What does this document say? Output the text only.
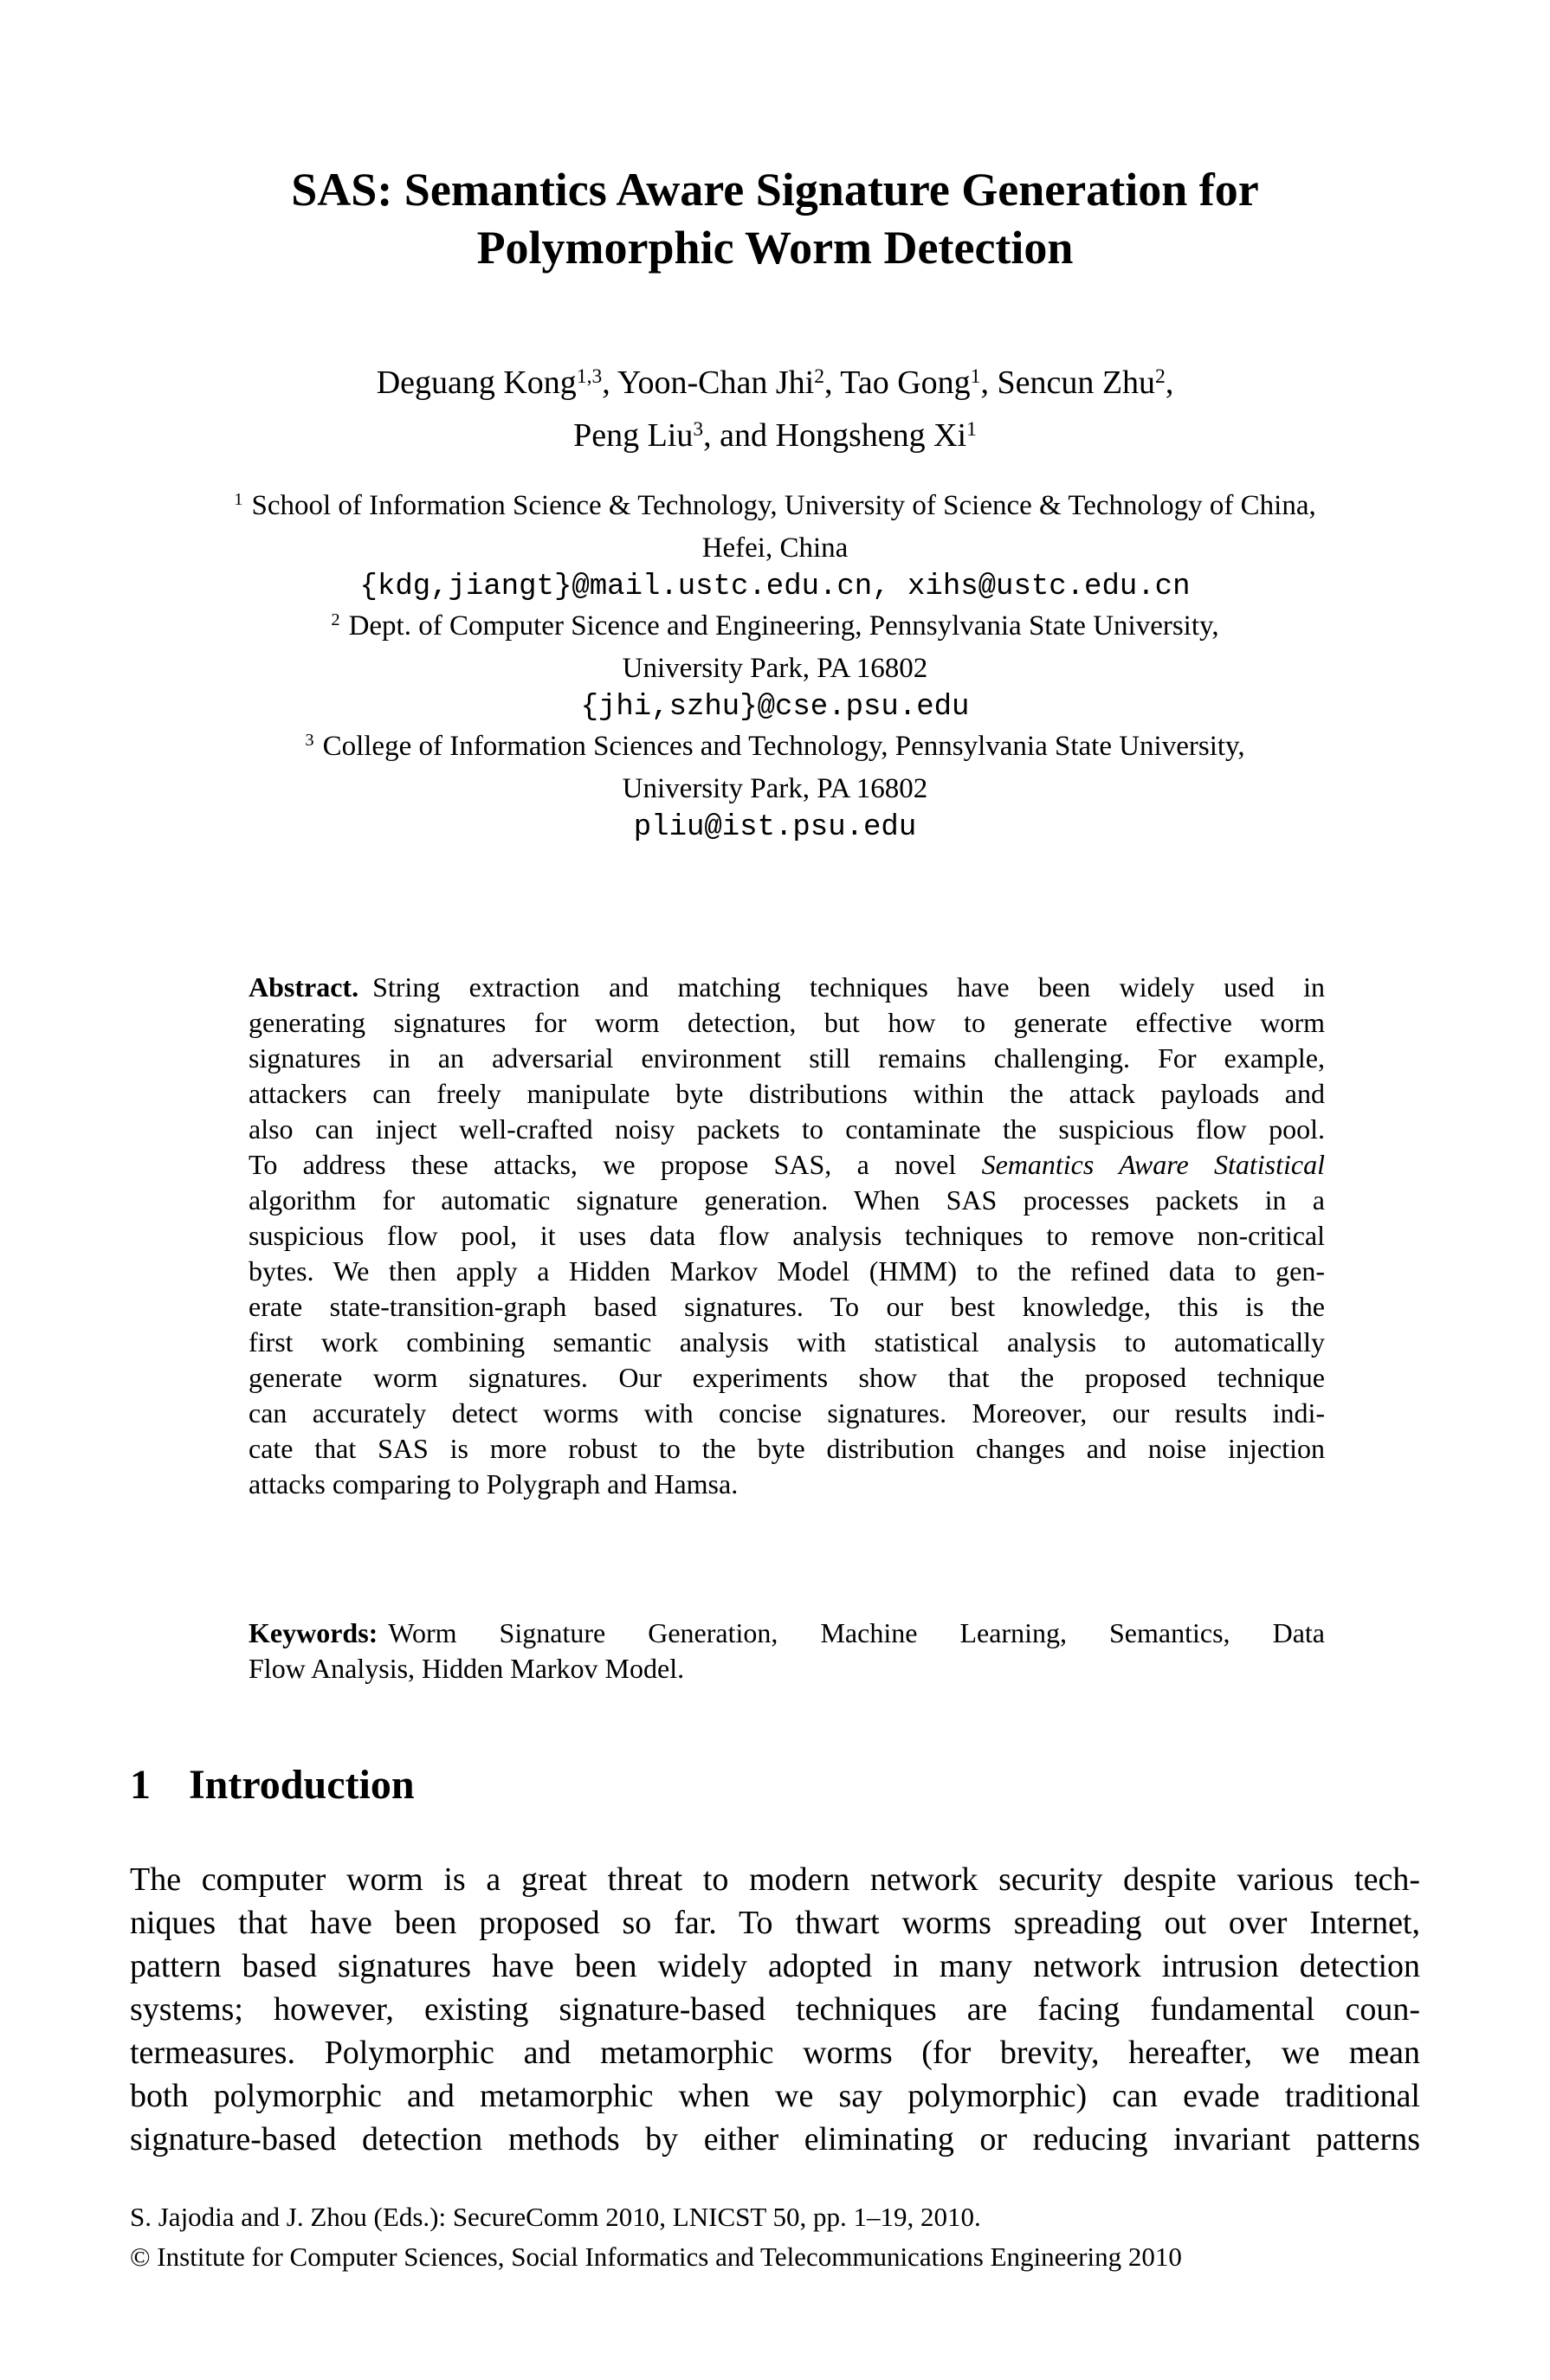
SAS: Semantics Aware Signature Generation for
Polymorphic Worm Detection
Deguang Kong$^{1,3}$, Yoon-Chan Jhi$^2$, Tao Gong$^1$, Sencun Zhu$^2$,
Peng Liu$^3$, and Hongsheng Xi$^1$
$^1$ School of Information Science & Technology, University of Science & Technology of China,
Hefei, China
{kdg,jiangt}@mail.ustc.edu.cn, xihs@ustc.edu.cn
$^2$ Dept. of Computer Sicence and Engineering, Pennsylvania State University,
University Park, PA 16802
{jhi,szhu}@cse.psu.edu
$^3$ College of Information Sciences and Technology, Pennsylvania State University,
University Park, PA 16802
pliu@ist.psu.edu
Abstract. String extraction and matching techniques have been widely used in
generating signatures for worm detection, but how to generate effective worm
signatures in an adversarial environment still remains challenging. For example,
attackers can freely manipulate byte distributions within the attack payloads and
also can inject well-crafted noisy packets to contaminate the suspicious flow pool.
To address these attacks, we propose SAS, a novel Semantics Aware Statistical
algorithm for automatic signature generation. When SAS processes packets in a
suspicious flow pool, it uses data flow analysis techniques to remove non-critical
bytes. We then apply a Hidden Markov Model (HMM) to the refined data to gen-
erate state-transition-graph based signatures. To our best knowledge, this is the
first work combining semantic analysis with statistical analysis to automatically
generate worm signatures. Our experiments show that the proposed technique
can accurately detect worms with concise signatures. Moreover, our results indi-
cate that SAS is more robust to the byte distribution changes and noise injection
attacks comparing to Polygraph and Hamsa.
Keywords: Worm Signature Generation, Machine Learning, Semantics, Data
Flow Analysis, Hidden Markov Model.
1 Introduction
The computer worm is a great threat to modern network security despite various tech-
niques that have been proposed so far. To thwart worms spreading out over Internet,
pattern based signatures have been widely adopted in many network intrusion detection
systems; however, existing signature-based techniques are facing fundamental coun-
termeasures. Polymorphic and metamorphic worms (for brevity, hereafter, we mean
both polymorphic and metamorphic when we say polymorphic) can evade traditional
signature-based detection methods by either eliminating or reducing invariant patterns
S. Jajodia and J. Zhou (Eds.): SecureComm 2010, LNICST 50, pp. 1–19, 2010.
© Institute for Computer Sciences, Social Informatics and Telecommunications Engineering 2010
